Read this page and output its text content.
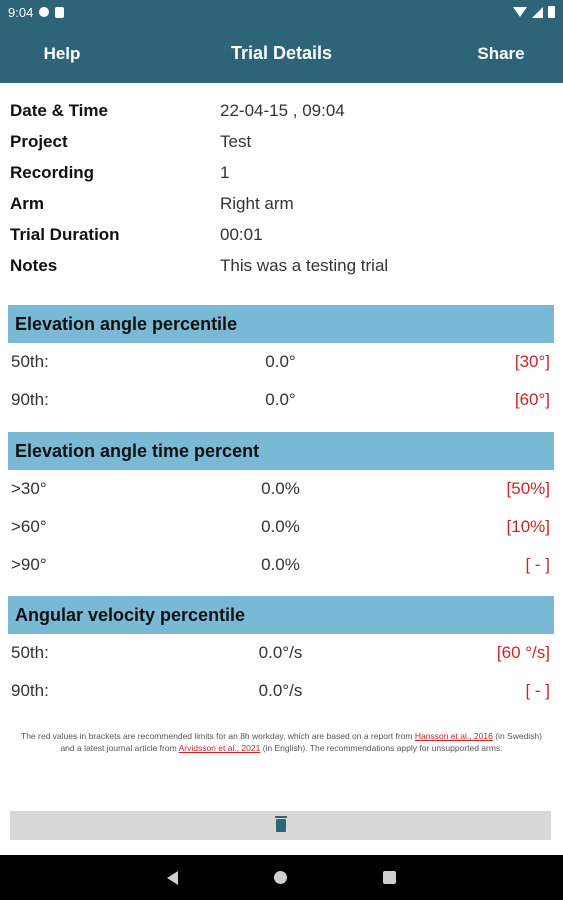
9:04
Help	Trial Details	Share
Date & Time	22-04-15 , 09:04
Project	Test
Recording	1
Arm	Right arm
Trial Duration	00:01
Notes	This was a testing trial
Elevation angle percentile
50th:	0.0°	[30°]
90th:	0.0°	[60°]
Elevation angle time percent
>30°	0.0%	[50%]
>60°	0.0%	[10%]
>90°	0.0%	[ - ]
Angular velocity percentile
50th:	0.0°/s	[60 °/s]
90th:	0.0°/s	[ - ]
The red values in brackets are recommended limits for an 8h workday, which are based on a report from Hansson et al., 2016 (in Swedish) and a latest journal article from Arvidsson et al., 2021 (in English). The recommendations apply for unsupported arms.
